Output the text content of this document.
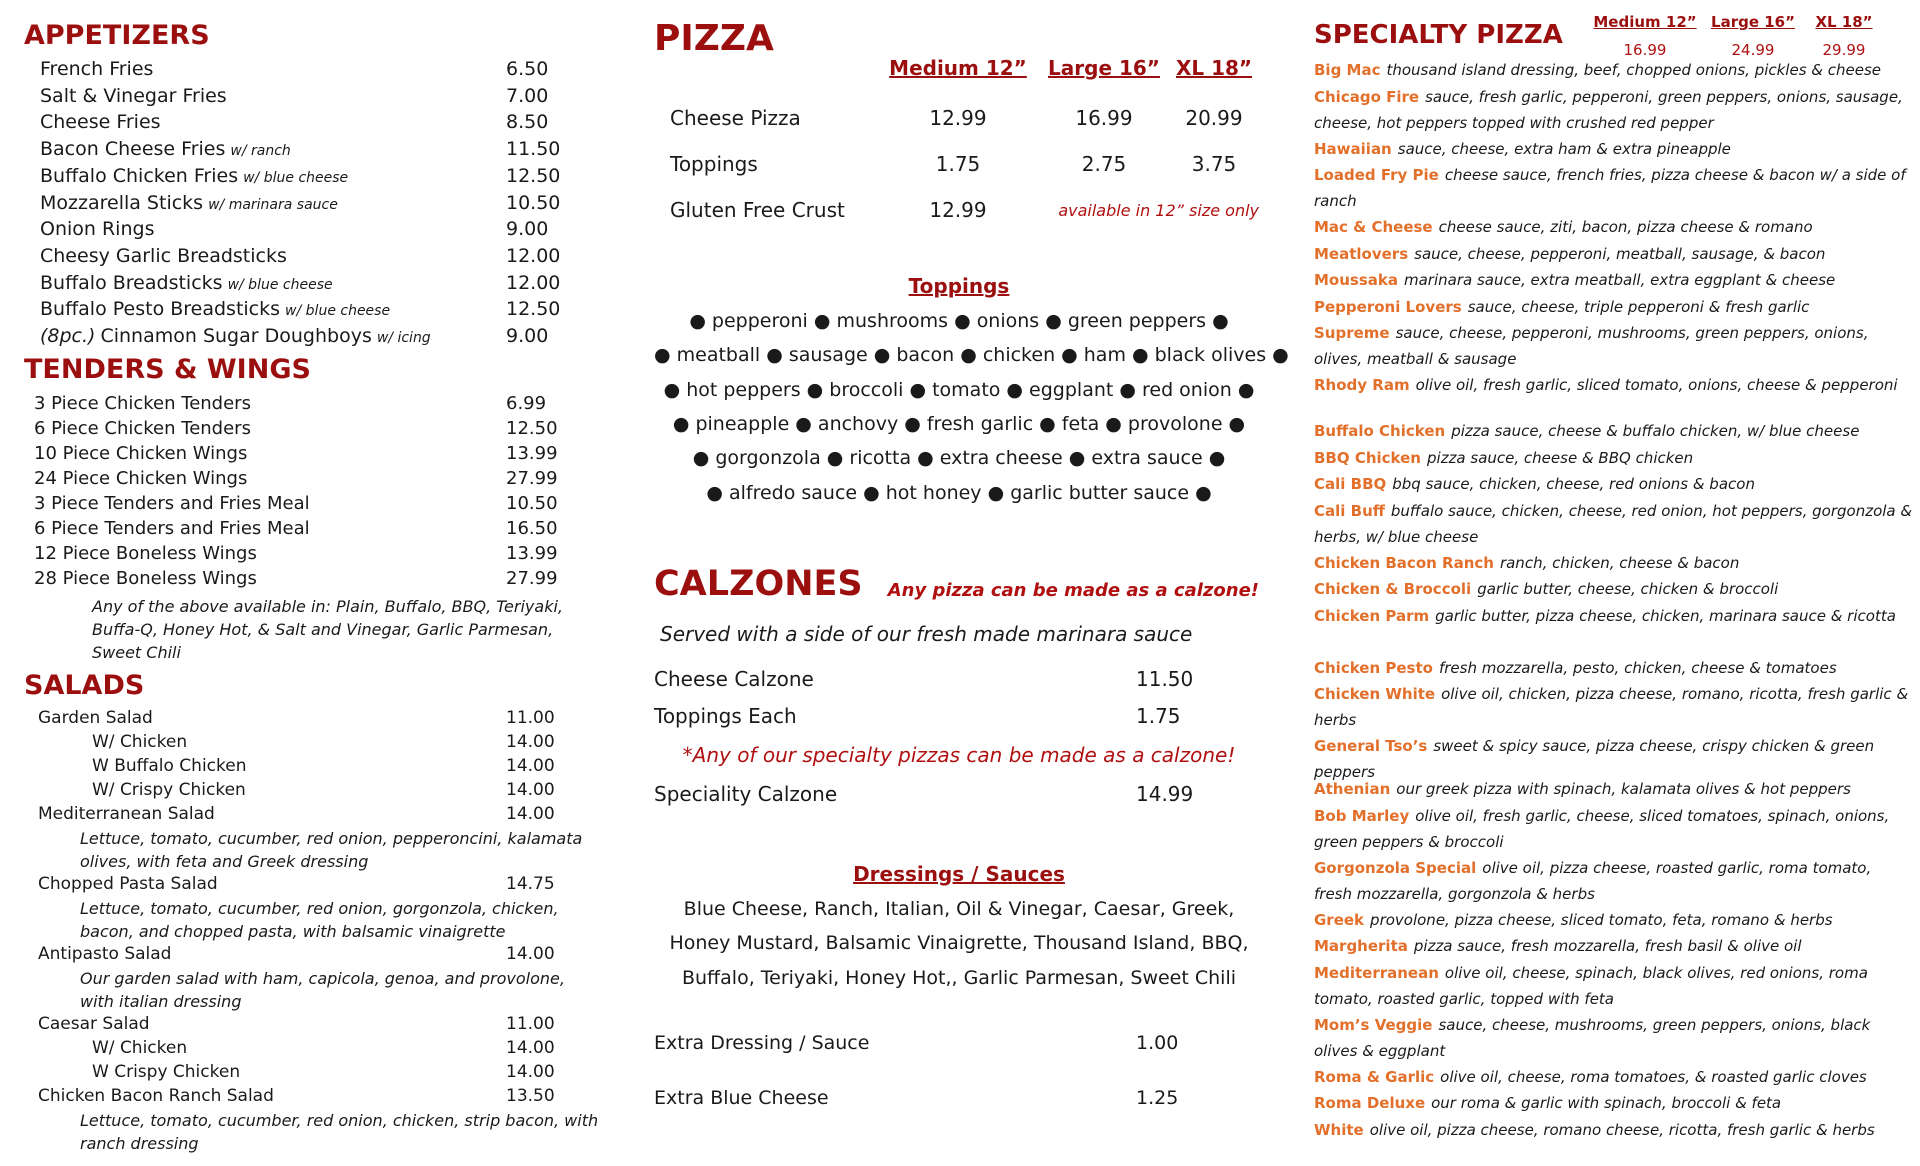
APPETIZERS
French Fries	6.50
Salt & Vinegar Fries	7.00
Cheese Fries	8.50
Bacon Cheese Fries w/ ranch	11.50
Buffalo Chicken Fries w/ blue cheese	12.50
Mozzarella Sticks w/ marinara sauce	10.50
Onion Rings	9.00
Cheesy Garlic Breadsticks	12.00
Buffalo Breadsticks w/ blue cheese	12.00
Buffalo Pesto Breadsticks w/ blue cheese	12.50
(8pc.) Cinnamon Sugar Doughboys w/ icing	9.00
TENDERS & WINGS
3 Piece Chicken Tenders	6.99
6 Piece Chicken Tenders	12.50
10 Piece Chicken Wings	13.99
24 Piece Chicken Wings	27.99
3 Piece Tenders and Fries Meal	10.50
6 Piece Tenders and Fries Meal	16.50
12 Piece Boneless Wings	13.99
28 Piece Boneless Wings	27.99
Any of the above available in: Plain, Buffalo, BBQ, Teriyaki, Buffa-Q, Honey Hot, & Salt and Vinegar, Garlic Parmesan, Sweet Chili
SALADS
Garden Salad	11.00
W/ Chicken	14.00
W Buffalo Chicken	14.00
W/ Crispy Chicken	14.00
Mediterranean Salad	14.00
Lettuce, tomato, cucumber, red onion, pepperoncini, kalamata olives, with feta and Greek dressing
Chopped Pasta Salad	14.75
Lettuce, tomato, cucumber, red onion, gorgonzola, chicken, bacon, and chopped pasta, with balsamic vinaigrette
Antipasto Salad	14.00
Our garden salad with ham, capicola, genoa, and provolone, with italian dressing
Caesar Salad	11.00
W/ Chicken	14.00
W Crispy Chicken	14.00
Chicken Bacon Ranch Salad	13.50
Lettuce, tomato, cucumber, red onion, chicken, strip bacon, with ranch dressing
PIZZA
Medium 12” Large 16” XL 18”
Cheese Pizza	12.99	16.99	20.99
Toppings	1.75	2.75	3.75
Gluten Free Crust	12.99	available in 12” size only
Toppings
● pepperoni ● mushrooms ● onions ● green peppers ●
● meatball ● sausage ● bacon ● chicken ● ham ● black olives ●
● hot peppers ● broccoli ● tomato ● eggplant ● red onion ●
● pineapple ● anchovy ● fresh garlic ● feta ● provolone ●
● gorgonzola ● ricotta ● extra cheese ● extra sauce ●
● alfredo sauce ● hot honey ● garlic butter sauce ●
CALZONES Any pizza can be made as a calzone!
Served with a side of our fresh made marinara sauce
Cheese Calzone	11.50
Toppings Each	1.75
*Any of our specialty pizzas can be made as a calzone!
Speciality Calzone	14.99
Dressings / Sauces
Blue Cheese, Ranch, Italian, Oil & Vinegar, Caesar, Greek,
Honey Mustard, Balsamic Vinaigrette, Thousand Island, BBQ,
Buffalo, Teriyaki, Honey Hot,, Garlic Parmesan, Sweet Chili
Extra Dressing / Sauce	1.00
Extra Blue Cheese	1.25
SPECIALTY PIZZA Medium 12” Large 16”	XL 18”
16.99	24.99	29.99
Big Mac thousand island dressing, beef, chopped onions, pickles & cheese
Chicago Fire sauce, fresh garlic, pepperoni, green peppers, onions, sausage, cheese, hot peppers topped with crushed red pepper
Hawaiian sauce, cheese, extra ham & extra pineapple
Loaded Fry Pie cheese sauce, french fries, pizza cheese & bacon w/ a side of ranch
Mac & Cheese cheese sauce, ziti, bacon, pizza cheese & romano
Meatlovers sauce, cheese, pepperoni, meatball, sausage, & bacon
Moussaka marinara sauce, extra meatball, extra eggplant & cheese
Pepperoni Lovers sauce, cheese, triple pepperoni & fresh garlic
Supreme sauce, cheese, pepperoni, mushrooms, green peppers, onions, olives, meatball & sausage
Rhody Ram olive oil, fresh garlic, sliced tomato, onions, cheese & pepperoni
Buffalo Chicken pizza sauce, cheese & buffalo chicken, w/ blue cheese
BBQ Chicken pizza sauce, cheese & BBQ chicken
Cali BBQ bbq sauce, chicken, cheese, red onions & bacon
Cali Buff buffalo sauce, chicken, cheese, red onion, hot peppers, gorgonzola & herbs, w/ blue cheese
Chicken Bacon Ranch ranch, chicken, cheese & bacon
Chicken & Broccoli garlic butter, cheese, chicken & broccoli
Chicken Parm garlic butter, pizza cheese, chicken, marinara sauce & ricotta
Chicken Pesto fresh mozzarella, pesto, chicken, cheese & tomatoes
Chicken White olive oil, chicken, pizza cheese, romano, ricotta, fresh garlic & herbs
General Tso’s sweet & spicy sauce, pizza cheese, crispy chicken & green peppers
Athenian our greek pizza with spinach, kalamata olives & hot peppers
Bob Marley olive oil, fresh garlic, cheese, sliced tomatoes, spinach, onions, green peppers & broccoli
Gorgonzola Special olive oil, pizza cheese, roasted garlic, roma tomato, fresh mozzarella, gorgonzola & herbs
Greek provolone, pizza cheese, sliced tomato, feta, romano & herbs
Margherita pizza sauce, fresh mozzarella, fresh basil & olive oil
Mediterranean olive oil, cheese, spinach, black olives, red onions, roma tomato, roasted garlic, topped with feta
Mom’s Veggie sauce, cheese, mushrooms, green peppers, onions, black olives & eggplant
Roma & Garlic olive oil, cheese, roma tomatoes, & roasted garlic cloves
Roma Deluxe our roma & garlic with spinach, broccoli & feta
White olive oil, pizza cheese, romano cheese, ricotta, fresh garlic & herbs
